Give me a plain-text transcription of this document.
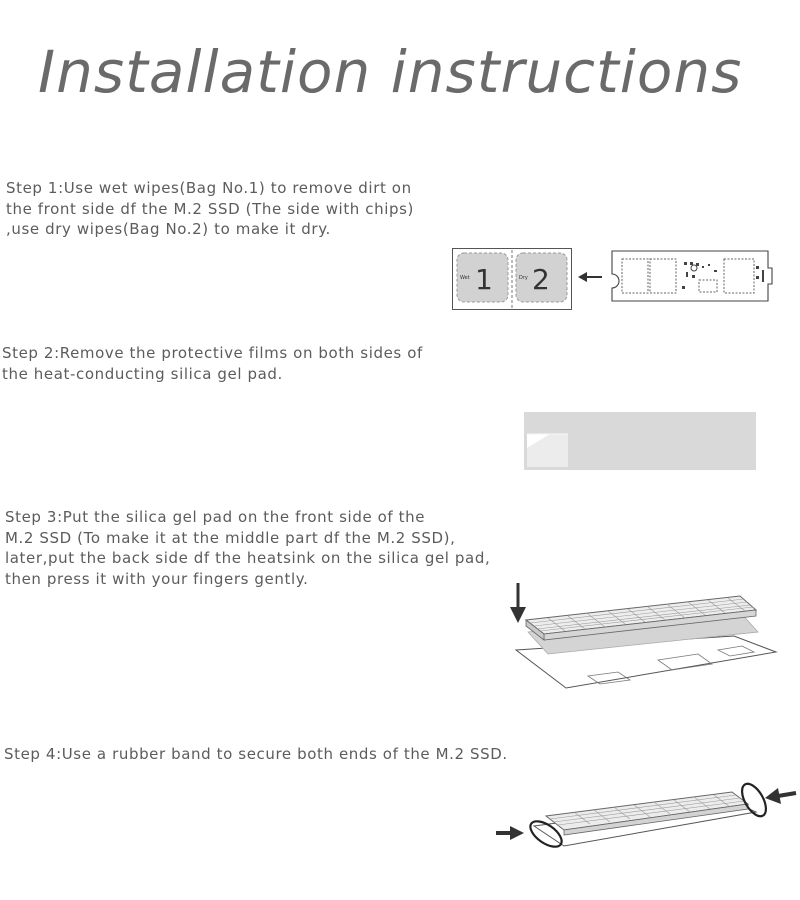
Installation instructions

Step 1:Use wet wipes(Bag No.1) to remove dirt on
the front side df the M.2 SSD (The side with chips)
,use dry wipes(Bag No.2) to make it dry.

Step 2:Remove the protective films on both sides of
the heat-conducting silica gel pad.

Step 3:Put the silica gel pad on the front side of the
M.2 SSD (To make it at the middle part df the M.2 SSD),
later,put the back side df the heatsink on the silica gel pad,
then press it with your fingers gently.

Step 4:Use a rubber band to secure both ends of the M.2 SSD.

Wet	Dry
1 2
